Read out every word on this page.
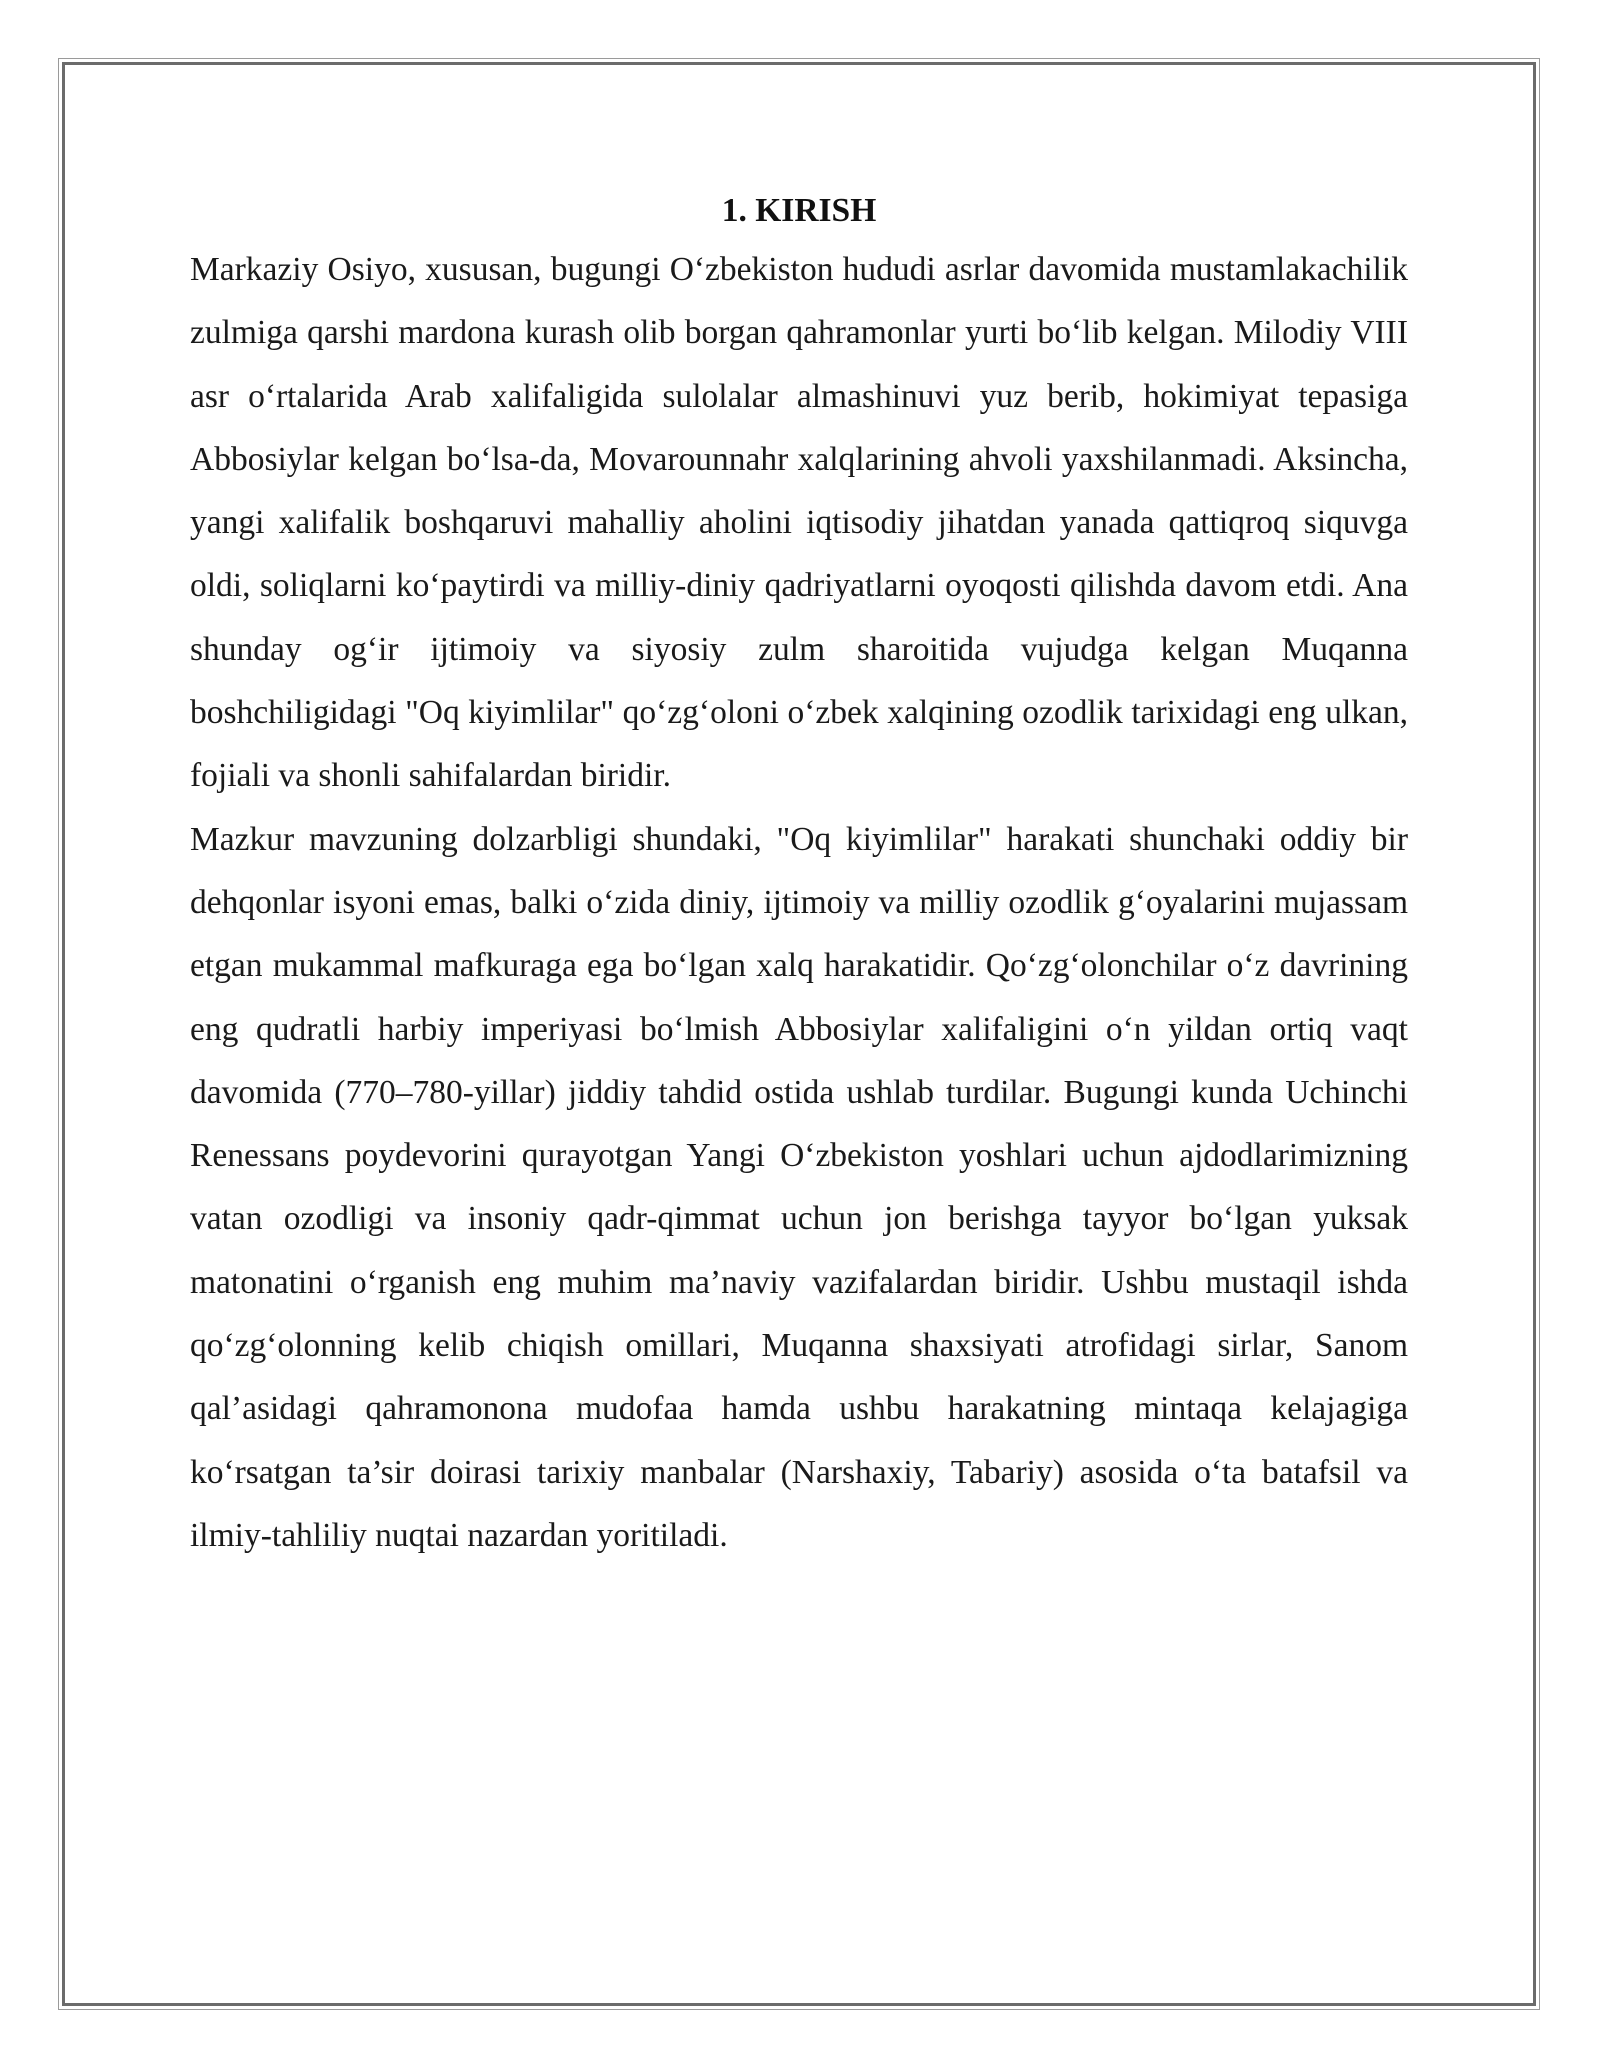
1. KIRISH

Markaziy Osiyo, xususan, bugungi O‘zbekiston hududi asrlar davomida mustamlakachilik zulmiga qarshi mardona kurash olib borgan qahramonlar yurti bo‘lib kelgan. Milodiy VIII asr o‘rtalarida Arab xalifaligida sulolalar almashinuvi yuz berib, hokimiyat tepasiga Abbosiylar kelgan bo‘lsa-da, Movarounnahr xalqlarining ahvoli yaxshilanmadi. Aksincha, yangi xalifalik boshqaruvi mahalliy aholini iqtisodiy jihatdan yanada qattiqroq siquvga oldi, soliqlarni ko‘paytirdi va milliy-diniy qadriyatlarni oyoqosti qilishda davom etdi. Ana shunday og‘ir ijtimoiy va siyosiy zulm sharoitida vujudga kelgan Muqanna boshchiligidagi "Oq kiyimlilar" qo‘zg‘oloni o‘zbek xalqining ozodlik tarixidagi eng ulkan, fojiali va shonli sahifalardan biridir.

Mazkur mavzuning dolzarbligi shundaki, "Oq kiyimlilar" harakati shunchaki oddiy bir dehqonlar isyoni emas, balki o‘zida diniy, ijtimoiy va milliy ozodlik g‘oyalarini mujassam etgan mukammal mafkuraga ega bo‘lgan xalq harakatidir. Qo‘zg‘olonchilar o‘z davrining eng qudratli harbiy imperiyasi bo‘lmish Abbosiylar xalifaligini o‘n yildan ortiq vaqt davomida (770–780-yillar) jiddiy tahdid ostida ushlab turdilar. Bugungi kunda Uchinchi Renessans poydevorini qurayotgan Yangi O‘zbekiston yoshlari uchun ajdodlarimizning vatan ozodligi va insoniy qadr-qimmat uchun jon berishga tayyor bo‘lgan yuksak matonatini o‘rganish eng muhim ma’naviy vazifalardan biridir. Ushbu mustaqil ishda qo‘zg‘olonning kelib chiqish omillari, Muqanna shaxsiyati atrofidagi sirlar, Sanom qal’asidagi qahramonona mudofaa hamda ushbu harakatning mintaqa kelajagiga ko‘rsatgan ta’sir doirasi tarixiy manbalar (Narshaxiy, Tabariy) asosida o‘ta batafsil va ilmiy-tahliliy nuqtai nazardan yoritiladi.
